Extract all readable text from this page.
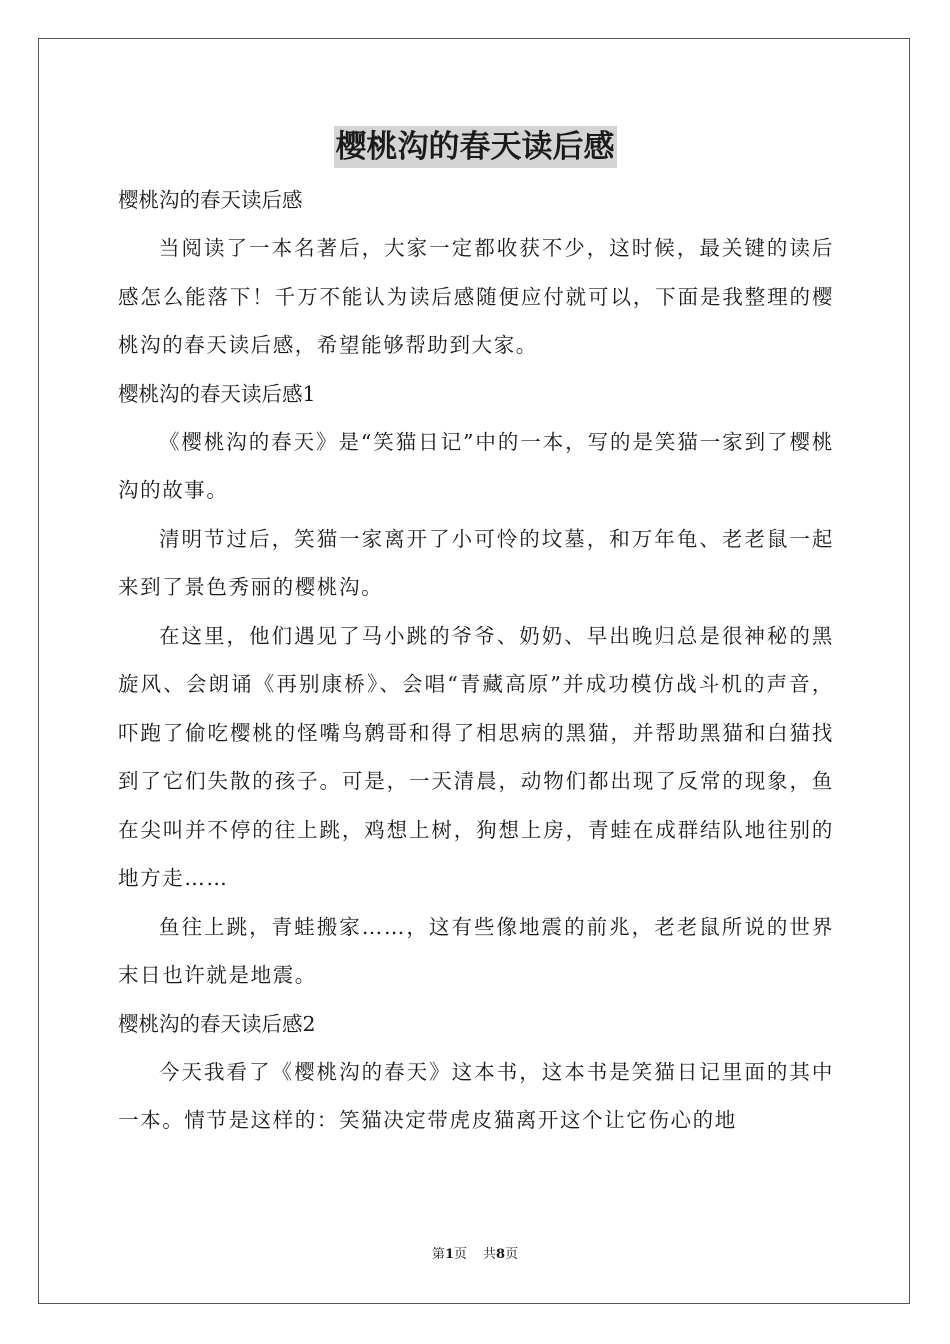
樱桃沟的春天读后感

樱桃沟的春天读后感

当阅读了一本名著后，大家一定都收获不少，这时候，最关键的读后感怎么能落下！千万不能认为读后感随便应付就可以，下面是我整理的樱桃沟的春天读后感，希望能够帮助到大家。

樱桃沟的春天读后感1

《樱桃沟的春天》是“笑猫日记”中的一本，写的是笑猫一家到了樱桃沟的故事。

清明节过后，笑猫一家离开了小可怜的坟墓，和万年龟、老老鼠一起来到了景色秀丽的樱桃沟。

在这里，他们遇见了马小跳的爷爷、奶奶、早出晚归总是很神秘的黑旋风、会朗诵《再别康桥》、会唱“青藏高原”并成功模仿战斗机的声音，吓跑了偷吃樱桃的怪嘴鸟鹩哥和得了相思病的黑猫，并帮助黑猫和白猫找到了它们失散的孩子。可是，一天清晨，动物们都出现了反常的现象，鱼在尖叫并不停的往上跳，鸡想上树，狗想上房，青蛙在成群结队地往别的地方走……

鱼往上跳，青蛙搬家……，这有些像地震的前兆，老老鼠所说的世界末日也许就是地震。

樱桃沟的春天读后感2

今天我看了《樱桃沟的春天》这本书，这本书是笑猫日记里面的其中一本。情节是这样的：笑猫决定带虎皮猫离开这个让它伤心的地

第1页 共8页
